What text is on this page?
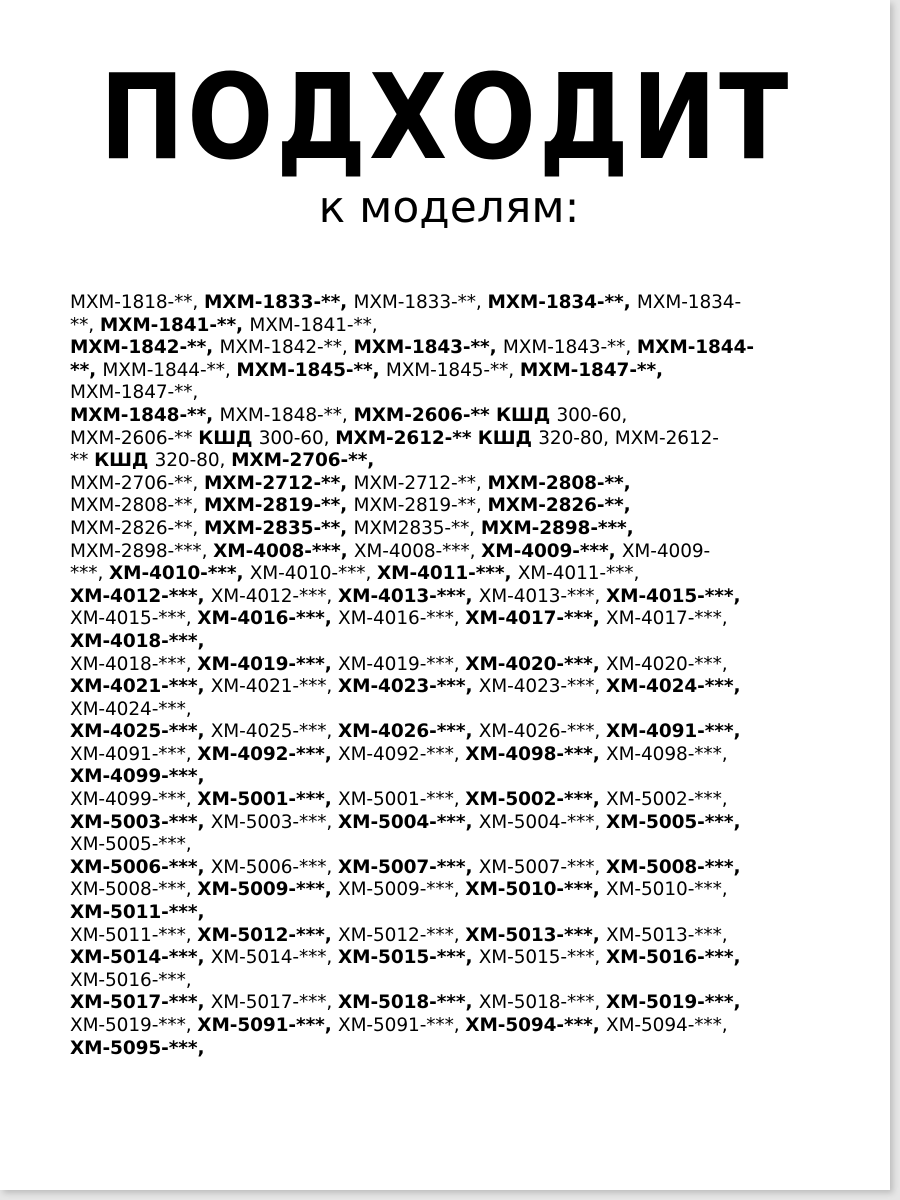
ПОДХОДИТ
к моделям:
МХМ-1818-**, МХМ-1833-**, МХМ-1833-**, МХМ-1834-**, МХМ-1834-
**, МХМ-1841-**, МХМ-1841-**,
МХМ-1842-**, МХМ-1842-**, МХМ-1843-**, МХМ-1843-**, МХМ-1844-
**, МХМ-1844-**, МХМ-1845-**, МХМ-1845-**, МХМ-1847-**,
МХМ-1847-**,
МХМ-1848-**, МХМ-1848-**, МХМ-2606-** КШД 300-60,
МХМ-2606-** КШД 300-60, МХМ-2612-** КШД 320-80, МХМ-2612-
** КШД 320-80, МХМ-2706-**,
МХМ-2706-**, МХМ-2712-**, МХМ-2712-**, МХМ-2808-**,
МХМ-2808-**, МХМ-2819-**, МХМ-2819-**, МХМ-2826-**,
МХМ-2826-**, МХМ-2835-**, МХМ2835-**, МХМ-2898-***,
МХМ-2898-***, ХМ-4008-***, ХМ-4008-***, ХМ-4009-***, ХМ-4009-
***, ХМ-4010-***, ХМ-4010-***, ХМ-4011-***, ХМ-4011-***,
ХМ-4012-***, ХМ-4012-***, ХМ-4013-***, ХМ-4013-***, ХМ-4015-***,
ХМ-4015-***, ХМ-4016-***, ХМ-4016-***, ХМ-4017-***, ХМ-4017-***,
ХМ-4018-***,
ХМ-4018-***, ХМ-4019-***, ХМ-4019-***, ХМ-4020-***, ХМ-4020-***,
ХМ-4021-***, ХМ-4021-***, ХМ-4023-***, ХМ-4023-***, ХМ-4024-***,
ХМ-4024-***,
ХМ-4025-***, ХМ-4025-***, ХМ-4026-***, ХМ-4026-***, ХМ-4091-***,
ХМ-4091-***, ХМ-4092-***, ХМ-4092-***, ХМ-4098-***, ХМ-4098-***,
ХМ-4099-***,
ХМ-4099-***, ХМ-5001-***, ХМ-5001-***, ХМ-5002-***, ХМ-5002-***,
ХМ-5003-***, ХМ-5003-***, ХМ-5004-***, ХМ-5004-***, ХМ-5005-***,
ХМ-5005-***,
ХМ-5006-***, ХМ-5006-***, ХМ-5007-***, ХМ-5007-***, ХМ-5008-***,
ХМ-5008-***, ХМ-5009-***, ХМ-5009-***, ХМ-5010-***, ХМ-5010-***,
ХМ-5011-***,
ХМ-5011-***, ХМ-5012-***, ХМ-5012-***, ХМ-5013-***, ХМ-5013-***,
ХМ-5014-***, ХМ-5014-***, ХМ-5015-***, ХМ-5015-***, ХМ-5016-***,
ХМ-5016-***,
ХМ-5017-***, ХМ-5017-***, ХМ-5018-***, ХМ-5018-***, ХМ-5019-***,
ХМ-5019-***, ХМ-5091-***, ХМ-5091-***, ХМ-5094-***, ХМ-5094-***,
ХМ-5095-***,
